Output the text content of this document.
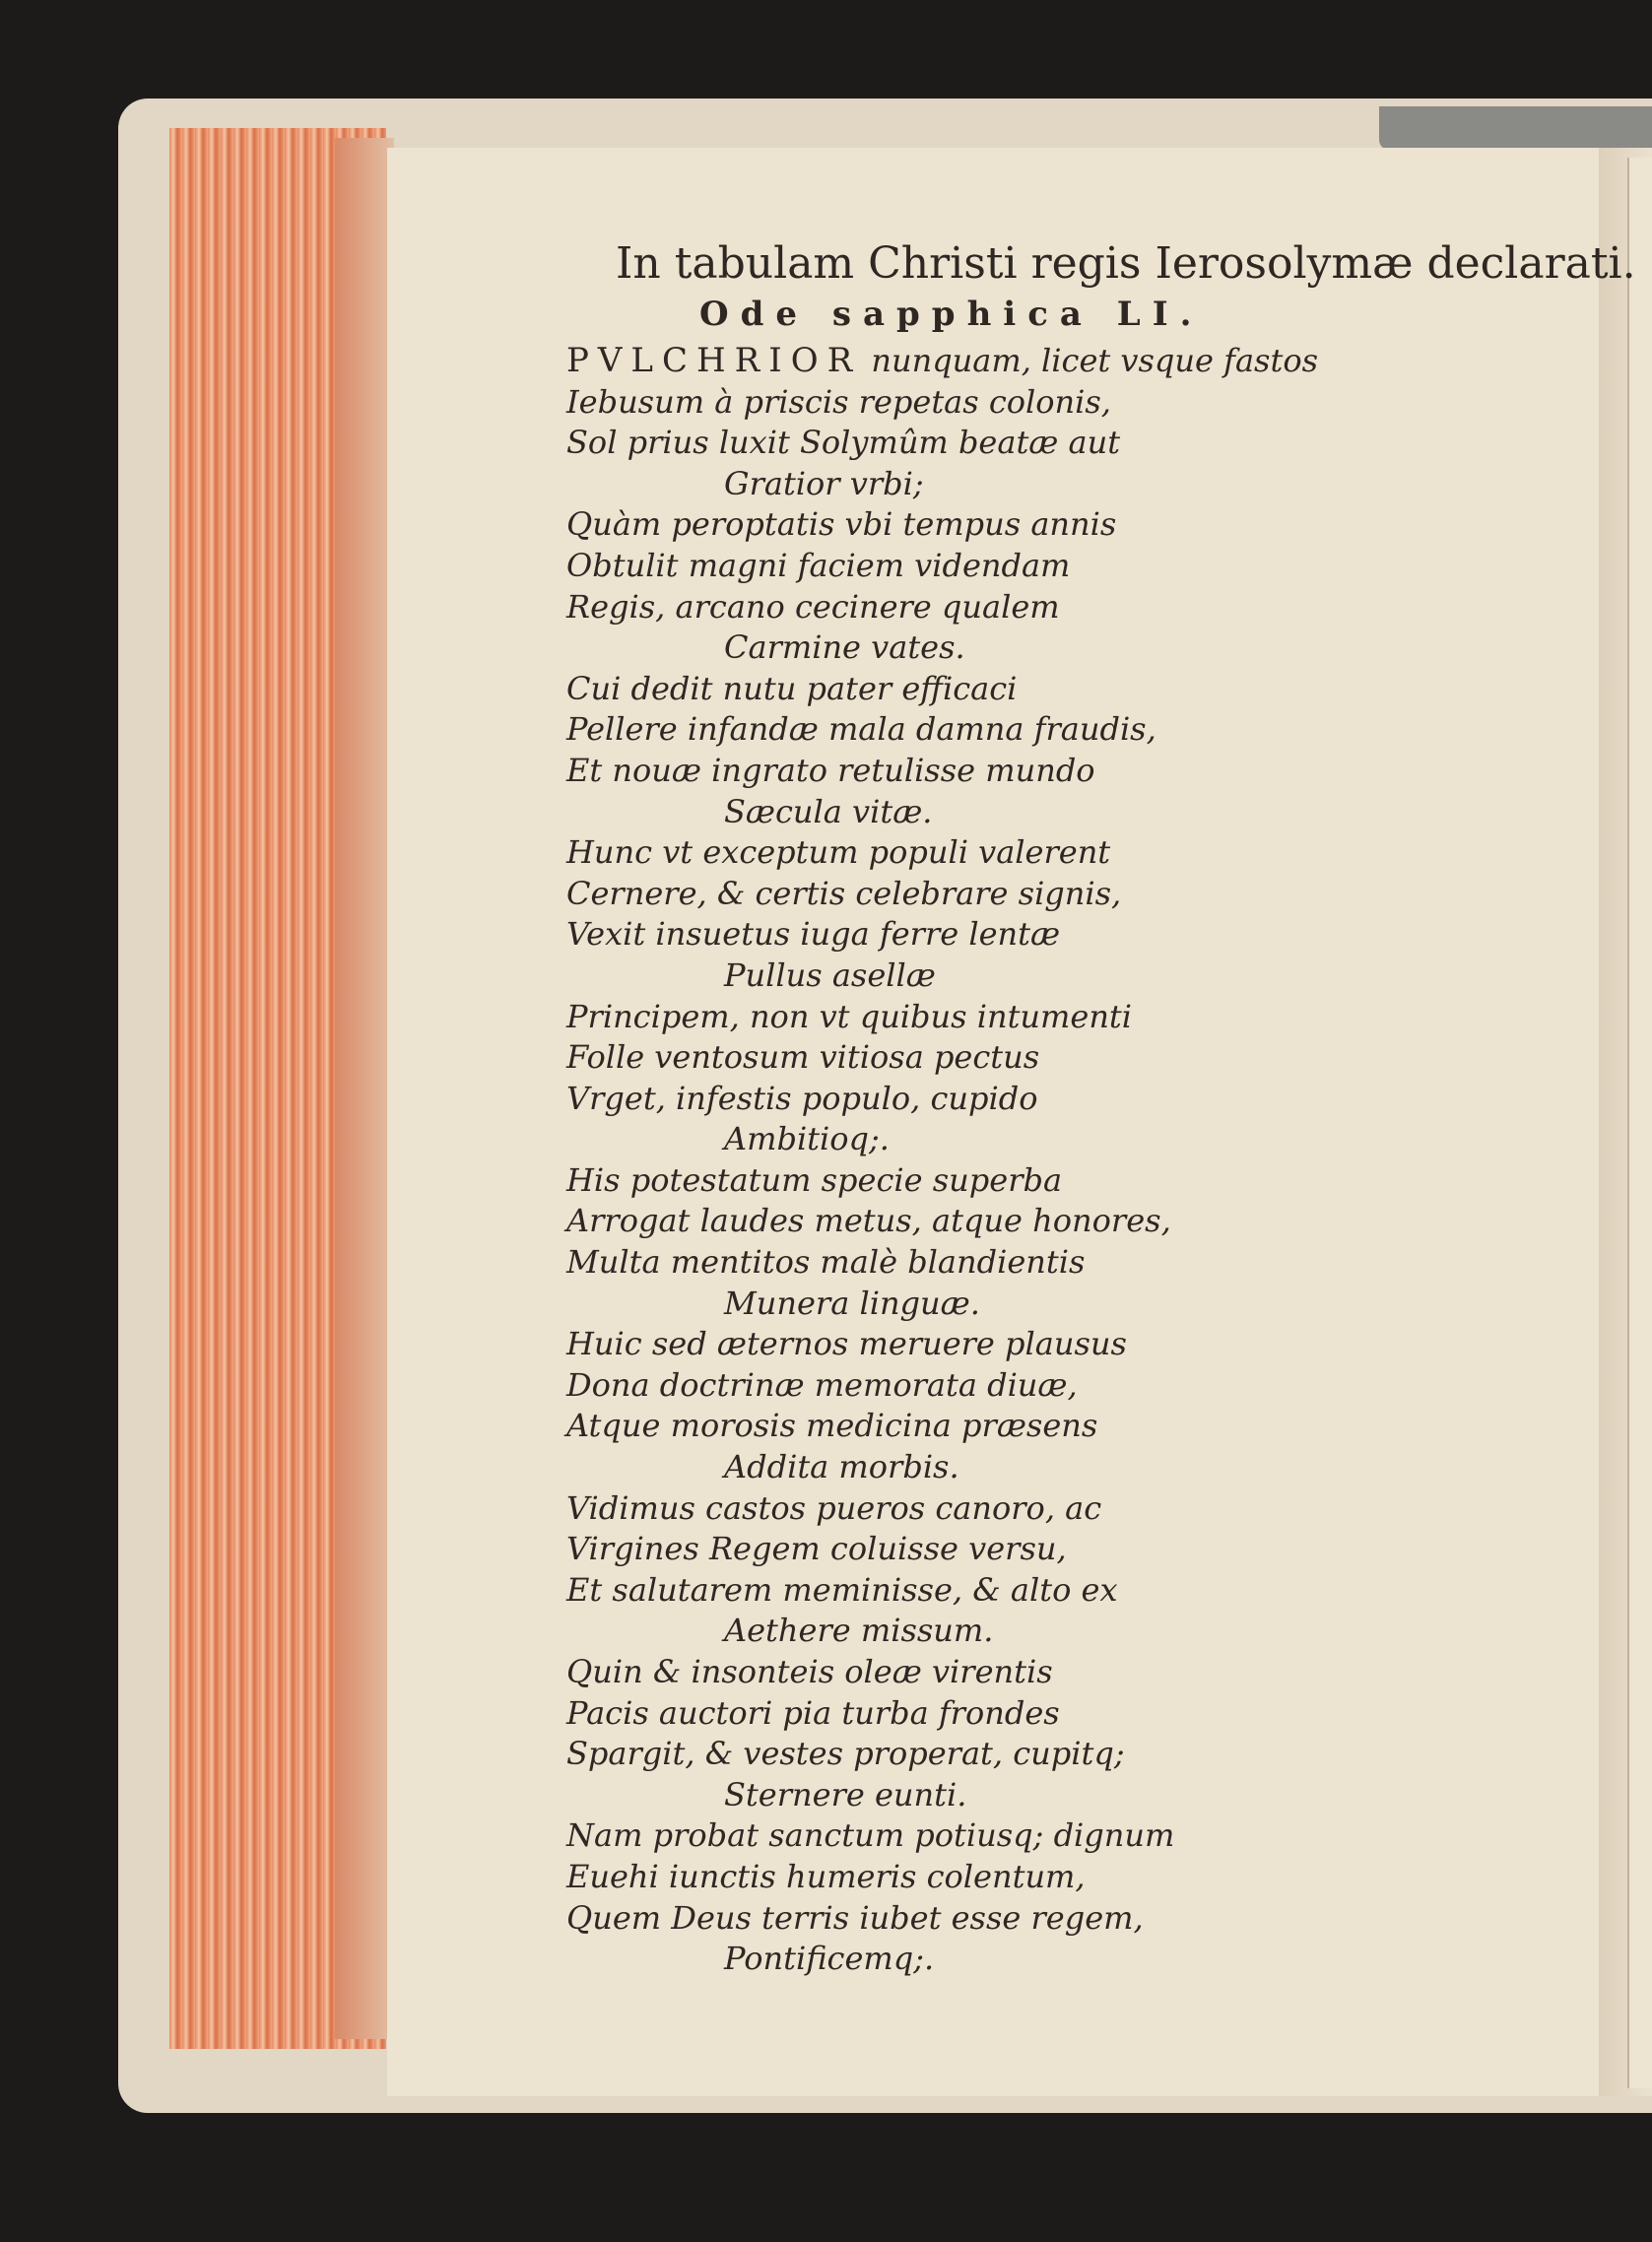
In tabulam Christi regis Ierosolymæ declarati.
Ode sapphica LI.
PVLCHRIOR nunquam, licet vsque fastos
Iebusum à priscis repetas colonis,
Sol prius luxit Solymûm beatæ aut
Gratior vrbi;
Quàm peroptatis vbi tempus annis
Obtulit magni faciem videndam
Regis, arcano cecinere qualem
Carmine vates.
Cui dedit nutu pater efficaci
Pellere infandæ mala damna fraudis,
Et nouæ ingrato retulisse mundo
Sæcula vitæ.
Hunc vt exceptum populi valerent
Cernere, & certis celebrare signis,
Vexit insuetus iuga ferre lentæ
Pullus asellæ
Principem, non vt quibus intumenti
Folle ventosum vitiosa pectus
Vrget, infestis populo, cupido
Ambitioq;.
His potestatum specie superba
Arrogat laudes metus, atque honores,
Multa mentitos malè blandientis
Munera linguæ.
Huic sed æternos meruere plausus
Dona doctrinæ memorata diuæ,
Atque morosis medicina præsens
Addita morbis.
Vidimus castos pueros canoro, ac
Virgines Regem coluisse versu,
Et salutarem meminisse, & alto ex
Aethere missum.
Quin & insonteis oleæ virentis
Pacis auctori pia turba frondes
Spargit, & vestes properat, cupitq;
Sternere eunti.
Nam probat sanctum potiusq; dignum
Euehi iunctis humeris colentum,
Quem Deus terris iubet esse regem,
Pontificemq;.
